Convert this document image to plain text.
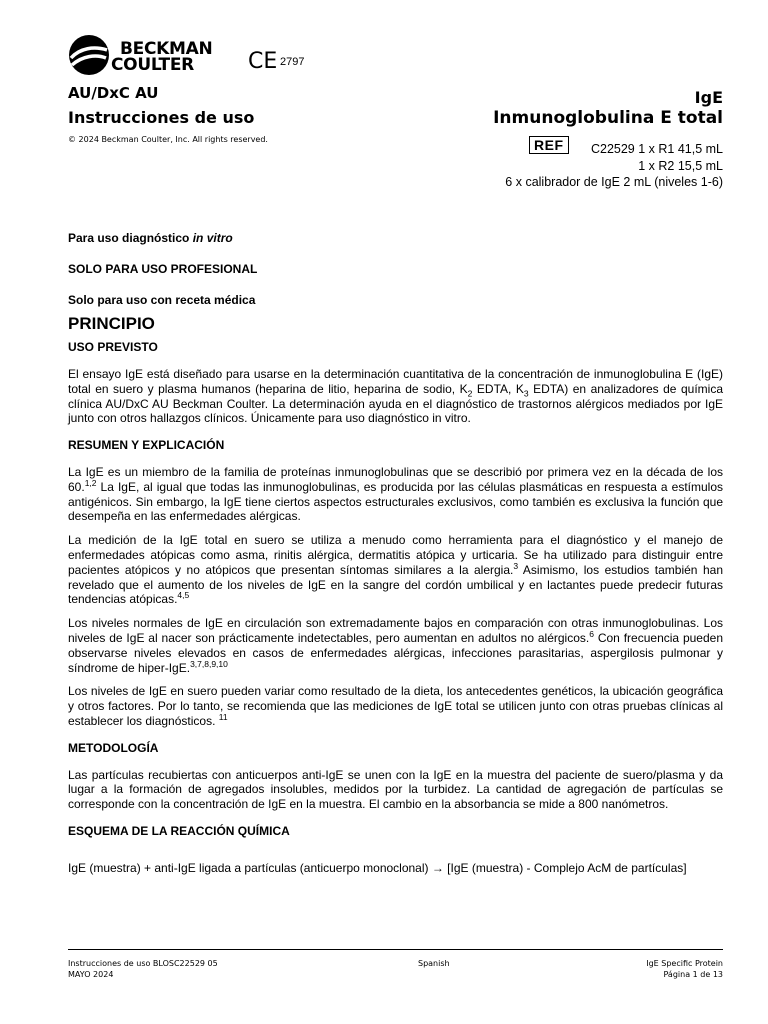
BECKMAN
COULTER CE 2797
AU/DxC AU
Instrucciones de uso
© 2024 Beckman Coulter, Inc. All rights reserved.
IgE
Inmunoglobulina E total
REF	C22529 1 x R1 41,5 mL
1 x R2 15,5 mL
6 x calibrador de IgE 2 mL (niveles 1-6)

Para uso diagnóstico in vitro

SOLO PARA USO PROFESIONAL

Solo para uso con receta médica

PRINCIPIO

USO PREVISTO

El ensayo IgE está diseñado para usarse en la determinación cuantitativa de la concentración de inmunoglobulina E (IgE) total en suero y plasma humanos (heparina de litio, heparina de sodio, $K_2$ EDTA, $K_3$ EDTA) en analizadores de química clínica AU/DxC AU Beckman Coulter. La determinación ayuda en el diagnóstico de trastornos alérgicos mediados por IgE junto con otros hallazgos clínicos. Únicamente para uso diagnóstico in vitro.

RESUMEN Y EXPLICACIÓN

La IgE es un miembro de la familia de proteínas inmunoglobulinas que se describió por primera vez en la década de los 60.$^{1,2}$ La IgE, al igual que todas las inmunoglobulinas, es producida por las células plasmáticas en respuesta a estímulos antigénicos. Sin embargo, la IgE tiene ciertos aspectos estructurales exclusivos, como también es exclusiva la función que desempeña en las enfermedades alérgicas.

La medición de la IgE total en suero se utiliza a menudo como herramienta para el diagnóstico y el manejo de enfermedades atópicas como asma, rinitis alérgica, dermatitis atópica y urticaria. Se ha utilizado para distinguir entre pacientes atópicos y no atópicos que presentan síntomas similares a la alergia.$^3$ Asimismo, los estudios también han revelado que el aumento de los niveles de IgE en la sangre del cordón umbilical y en lactantes puede predecir futuras tendencias atópicas.$^{4,5}$

Los niveles normales de IgE en circulación son extremadamente bajos en comparación con otras inmunoglobulinas. Los niveles de IgE al nacer son prácticamente indetectables, pero aumentan en adultos no alérgicos.$^6$ Con frecuencia pueden observarse niveles elevados en casos de enfermedades alérgicas, infecciones parasitarias, aspergilosis pulmonar y síndrome de hiper-IgE.$^{3,7,8,9,10}$

Los niveles de IgE en suero pueden variar como resultado de la dieta, los antecedentes genéticos, la ubicación geográfica y otros factores. Por lo tanto, se recomienda que las mediciones de IgE total se utilicen junto con otras pruebas clínicas al establecer los diagnósticos. $^{11}$

METODOLOGÍA

Las partículas recubiertas con anticuerpos anti-IgE se unen con la IgE en la muestra del paciente de suero/plasma y da lugar a la formación de agregados insolubles, medidos por la turbidez. La cantidad de agregación de partículas se corresponde con la concentración de IgE en la muestra. El cambio en la absorbancia se mide a 800 nanómetros.

ESQUEMA DE LA REACCIÓN QUÍMICA

IgE (muestra) + anti-IgE ligada a partículas (anticuerpo monoclonal) → [IgE (muestra) - Complejo AcM de partículas]

Instrucciones de uso BLOSC22529 05
MAYO 2024
Spanish	IgE Specific Protein
Página 1 de 13
